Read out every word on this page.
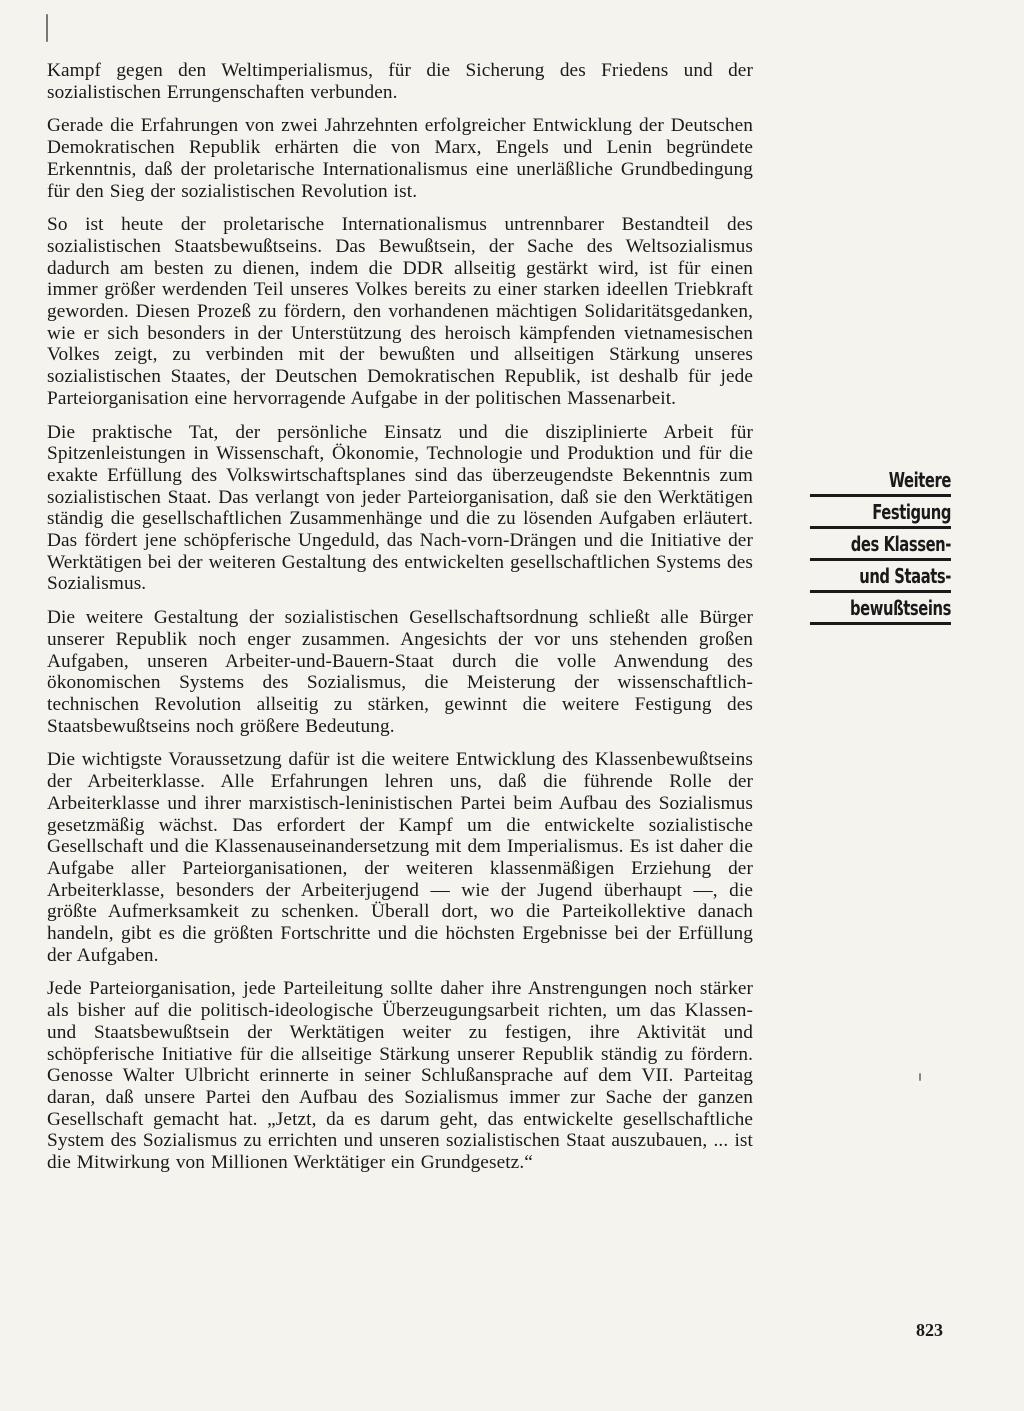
Kampf gegen den Weltimperialismus, für die Sicherung des Friedens und der sozialistischen Errungenschaften verbunden.

Gerade die Erfahrungen von zwei Jahrzehnten erfolgreicher Entwicklung der Deutschen Demokratischen Republik erhärten die von Marx, Engels und Lenin begründete Erkenntnis, daß der proletarische Internationalismus eine unerläßliche Grundbedingung für den Sieg der sozialistischen Revolution ist.

So ist heute der proletarische Internationalismus untrennbarer Bestandteil des sozialistischen Staatsbewußtseins. Das Bewußtsein, der Sache des Weltsozialismus dadurch am besten zu dienen, indem die DDR allseitig gestärkt wird, ist für einen immer größer werdenden Teil unseres Volkes bereits zu einer starken ideellen Triebkraft geworden. Diesen Prozeß zu fördern, den vorhandenen mächtigen Solidaritätsgedanken, wie er sich besonders in der Unterstützung des heroisch kämpfenden vietnamesischen Volkes zeigt, zu verbinden mit der bewußten und allseitigen Stärkung unseres sozialistischen Staates, der Deutschen Demokratischen Republik, ist deshalb für jede Parteiorganisation eine hervorragende Aufgabe in der politischen Massenarbeit.

Die praktische Tat, der persönliche Einsatz und die disziplinierte Arbeit für Spitzenleistungen in Wissenschaft, Ökonomie, Technologie und Produktion und für die exakte Erfüllung des Volkswirtschaftsplanes sind das überzeugendste Bekenntnis zum sozialistischen Staat. Das verlangt von jeder Parteiorganisation, daß sie den Werktätigen ständig die gesellschaftlichen Zusammenhänge und die zu lösenden Aufgaben erläutert. Das fördert jene schöpferische Ungeduld, das Nach-vorn-Drängen und die Initiative der Werktätigen bei der weiteren Gestaltung des entwickelten gesellschaftlichen Systems des Sozialismus.

Die weitere Gestaltung der sozialistischen Gesellschaftsordnung schließt alle Bürger unserer Republik noch enger zusammen. Angesichts der vor uns stehenden großen Aufgaben, unseren Arbeiter-und-Bauern-Staat durch die volle Anwendung des ökonomischen Systems des Sozialismus, die Meisterung der wissenschaftlich-technischen Revolution allseitig zu stärken, gewinnt die weitere Festigung des Staatsbewußtseins noch größere Bedeutung.

Die wichtigste Voraussetzung dafür ist die weitere Entwicklung des Klassenbewußtseins der Arbeiterklasse. Alle Erfahrungen lehren uns, daß die führende Rolle der Arbeiterklasse und ihrer marxistisch-leninistischen Partei beim Aufbau des Sozialismus gesetzmäßig wächst. Das erfordert der Kampf um die entwickelte sozialistische Gesellschaft und die Klassenauseinandersetzung mit dem Imperialismus. Es ist daher die Aufgabe aller Parteiorganisationen, der weiteren klassenmäßigen Erziehung der Arbeiterklasse, besonders der Arbeiterjugend — wie der Jugend überhaupt —, die größte Aufmerksamkeit zu schenken. Überall dort, wo die Parteikollektive danach handeln, gibt es die größten Fortschritte und die höchsten Ergebnisse bei der Erfüllung der Aufgaben.

Jede Parteiorganisation, jede Parteileitung sollte daher ihre Anstrengungen noch stärker als bisher auf die politisch-ideologische Überzeugungsarbeit richten, um das Klassen- und Staatsbewußtsein der Werktätigen weiter zu festigen, ihre Aktivität und schöpferische Initiative für die allseitige Stärkung unserer Republik ständig zu fördern. Genosse Walter Ulbricht erinnerte in seiner Schlußansprache auf dem VII. Parteitag daran, daß unsere Partei den Aufbau des Sozialismus immer zur Sache der ganzen Gesellschaft gemacht hat. „Jetzt, da es darum geht, das entwickelte gesellschaftliche System des Sozialismus zu errichten und unseren sozialistischen Staat auszubauen, ... ist die Mitwirkung von Millionen Werktätiger ein Grundgesetz.“

Weitere
Festigung
des Klassen-
und Staats-
bewußtseins
823
